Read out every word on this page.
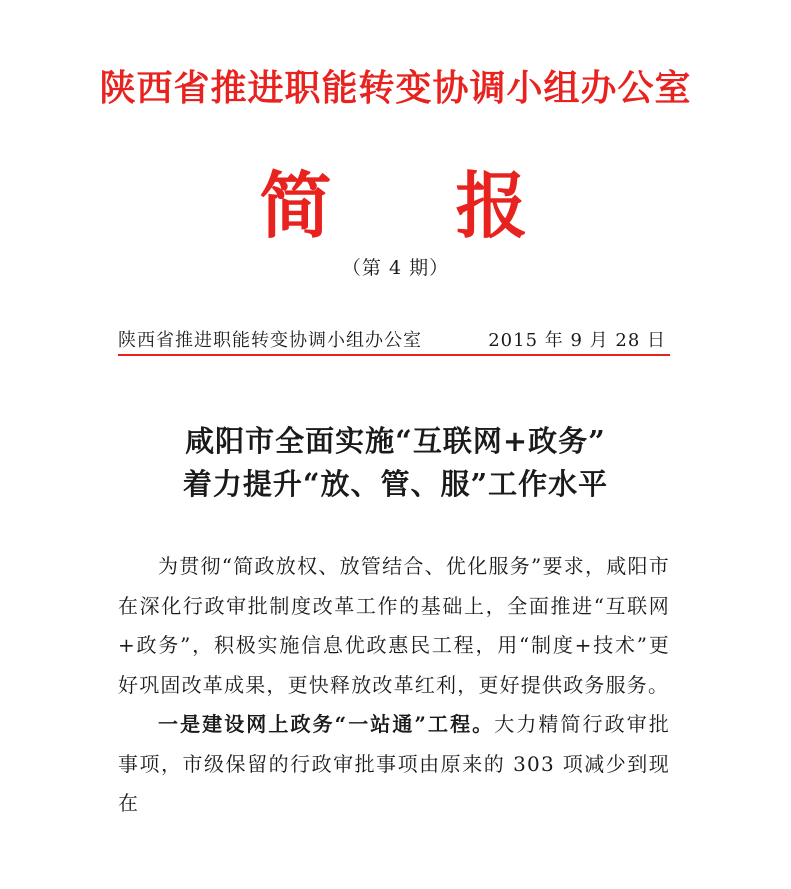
陕西省推进职能转变协调小组办公室
简 报
（第 4 期）
陕西省推进职能转变协调小组办公室	2015 年 9 月 28 日
咸阳市全面实施“互联网+政务”
着力提升“放、管、服”工作水平

为贯彻“简政放权、放管结合、优化服务”要求，咸阳市在深化行政审批制度改革工作的基础上，全面推进“互联网+政务”，积极实施信息优政惠民工程，用“制度+技术”更好巩固改革成果，更快释放改革红利，更好提供政务服务。

一是建设网上政务“一站通”工程。大力精简行政审批事项，市级保留的行政审批事项由原来的 303 项减少到现在
